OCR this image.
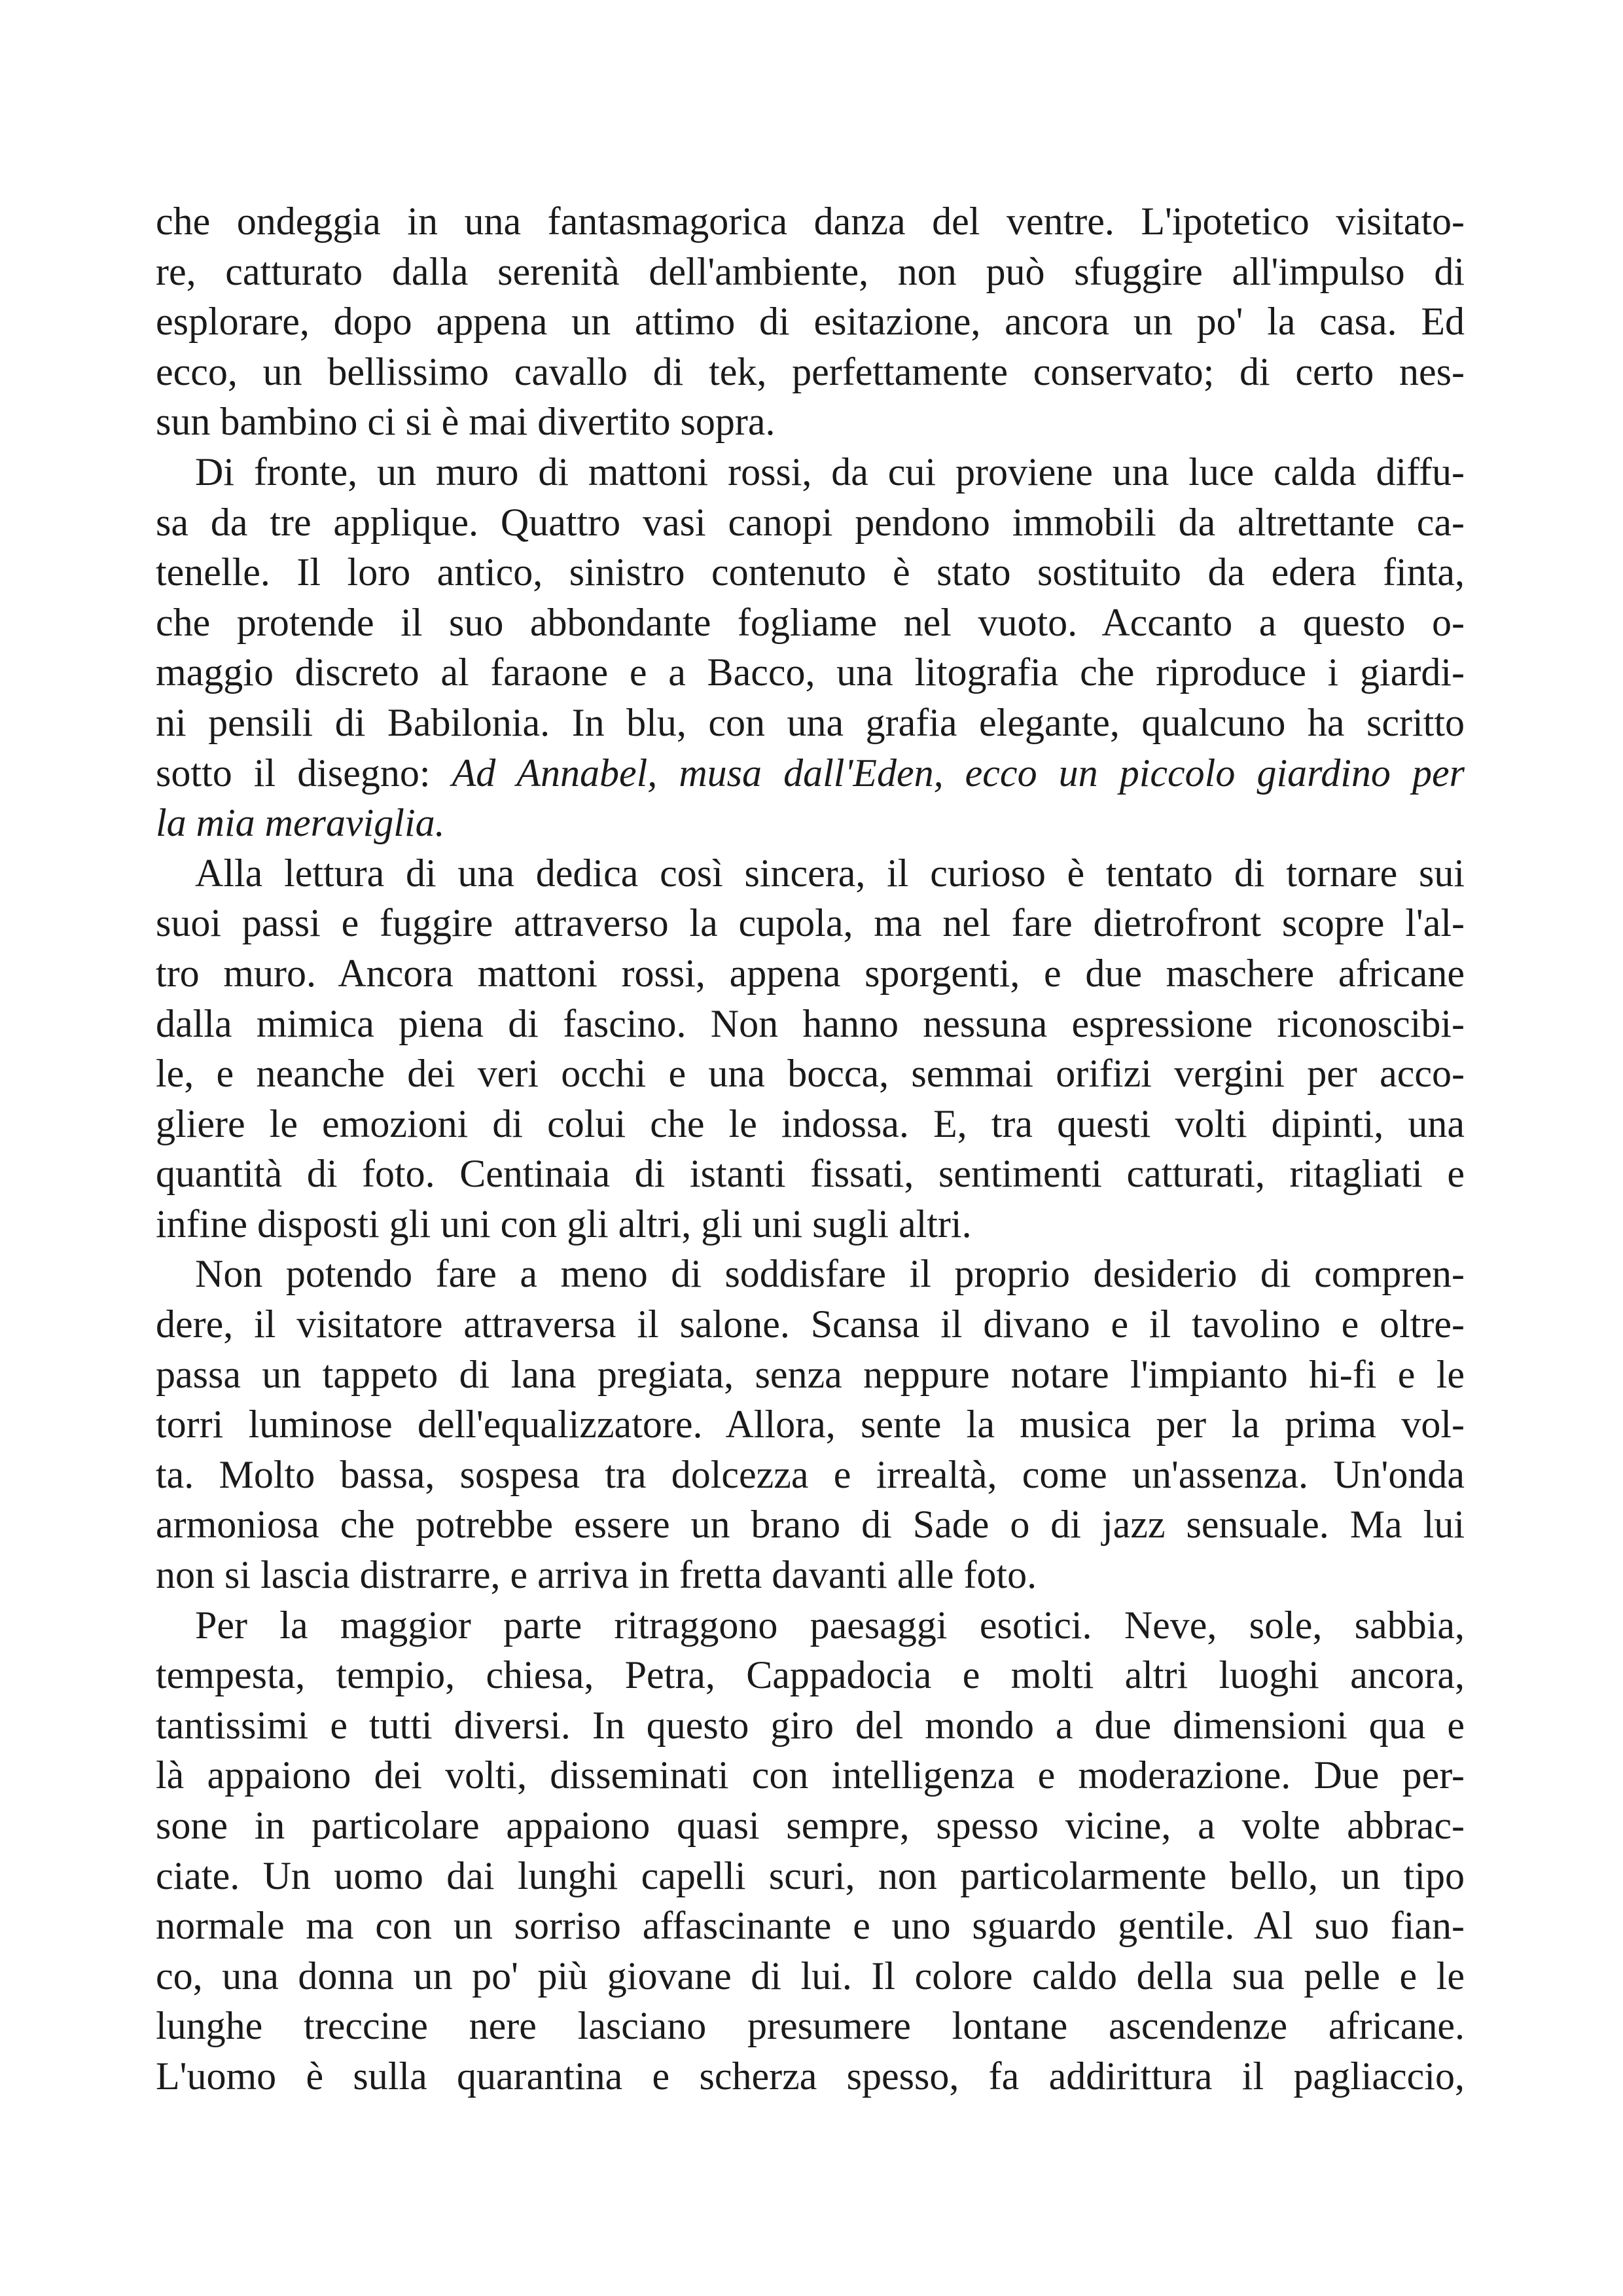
che ondeggia in una fantasmagorica danza del ventre. L'ipotetico visitato-
re, catturato dalla serenità dell'ambiente, non può sfuggire all'impulso di
esplorare, dopo appena un attimo di esitazione, ancora un po' la casa. Ed
ecco, un bellissimo cavallo di tek, perfettamente conservato; di certo nes-
sun bambino ci si è mai divertito sopra.
Di fronte, un muro di mattoni rossi, da cui proviene una luce calda diffu-
sa da tre applique. Quattro vasi canopi pendono immobili da altrettante ca-
tenelle. Il loro antico, sinistro contenuto è stato sostituito da edera finta,
che protende il suo abbondante fogliame nel vuoto. Accanto a questo o-
maggio discreto al faraone e a Bacco, una litografia che riproduce i giardi-
ni pensili di Babilonia. In blu, con una grafia elegante, qualcuno ha scritto
sotto il disegno: Ad Annabel, musa dall'Eden, ecco un piccolo giardino per
la mia meraviglia.
Alla lettura di una dedica così sincera, il curioso è tentato di tornare sui
suoi passi e fuggire attraverso la cupola, ma nel fare dietrofront scopre l'al-
tro muro. Ancora mattoni rossi, appena sporgenti, e due maschere africane
dalla mimica piena di fascino. Non hanno nessuna espressione riconoscibi-
le, e neanche dei veri occhi e una bocca, semmai orifizi vergini per acco-
gliere le emozioni di colui che le indossa. E, tra questi volti dipinti, una
quantità di foto. Centinaia di istanti fissati, sentimenti catturati, ritagliati e
infine disposti gli uni con gli altri, gli uni sugli altri.
Non potendo fare a meno di soddisfare il proprio desiderio di compren-
dere, il visitatore attraversa il salone. Scansa il divano e il tavolino e oltre-
passa un tappeto di lana pregiata, senza neppure notare l'impianto hi-fi e le
torri luminose dell'equalizzatore. Allora, sente la musica per la prima vol-
ta. Molto bassa, sospesa tra dolcezza e irrealtà, come un'assenza. Un'onda
armoniosa che potrebbe essere un brano di Sade o di jazz sensuale. Ma lui
non si lascia distrarre, e arriva in fretta davanti alle foto.
Per la maggior parte ritraggono paesaggi esotici. Neve, sole, sabbia,
tempesta, tempio, chiesa, Petra, Cappadocia e molti altri luoghi ancora,
tantissimi e tutti diversi. In questo giro del mondo a due dimensioni qua e
là appaiono dei volti, disseminati con intelligenza e moderazione. Due per-
sone in particolare appaiono quasi sempre, spesso vicine, a volte abbrac-
ciate. Un uomo dai lunghi capelli scuri, non particolarmente bello, un tipo
normale ma con un sorriso affascinante e uno sguardo gentile. Al suo fian-
co, una donna un po' più giovane di lui. Il colore caldo della sua pelle e le
lunghe treccine nere lasciano presumere lontane ascendenze africane.
L'uomo è sulla quarantina e scherza spesso, fa addirittura il pagliaccio,
